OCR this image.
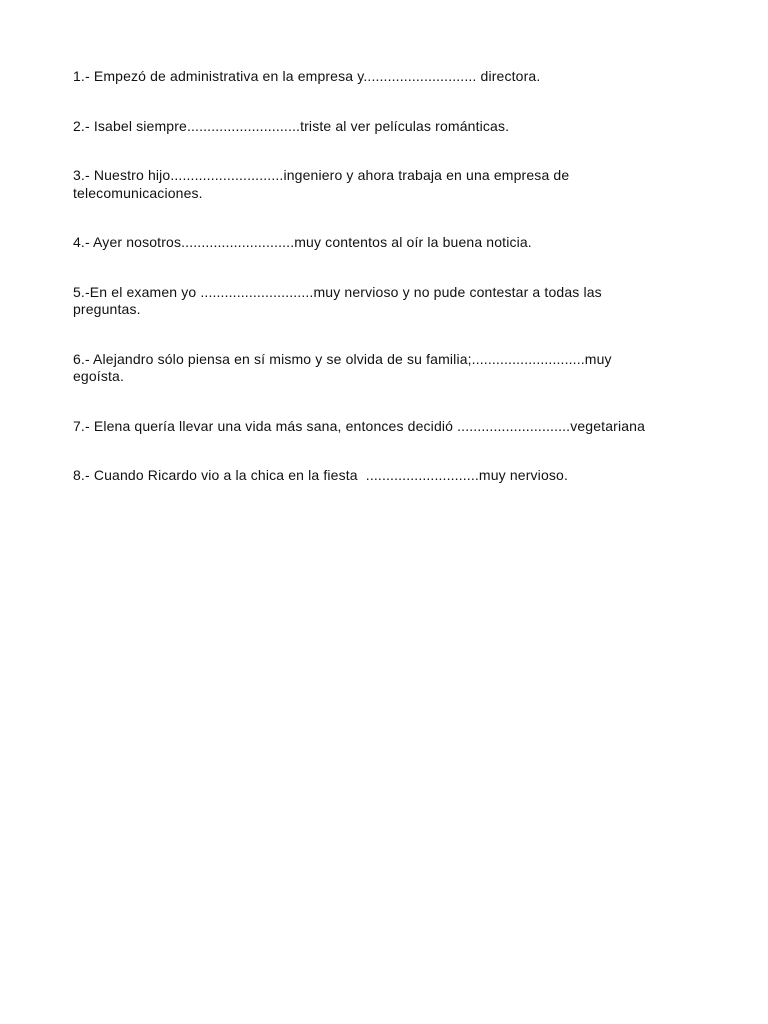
1.- Empezó de administrativa en la empresa y............................ directora.
2.- Isabel siempre............................triste al ver películas románticas.
3.- Nuestro hijo............................ingeniero y ahora trabaja en una empresa de
telecomunicaciones.
4.- Ayer nosotros............................muy contentos al oír la buena noticia.
5.-En el examen yo ............................muy nervioso y no pude contestar a todas las
preguntas.
6.- Alejandro sólo piensa en sí mismo y se olvida de su familia;............................muy
egoísta.
7.- Elena quería llevar una vida más sana, entonces decidió ............................vegetariana
8.- Cuando Ricardo vio a la chica en la fiesta  ............................muy nervioso.
